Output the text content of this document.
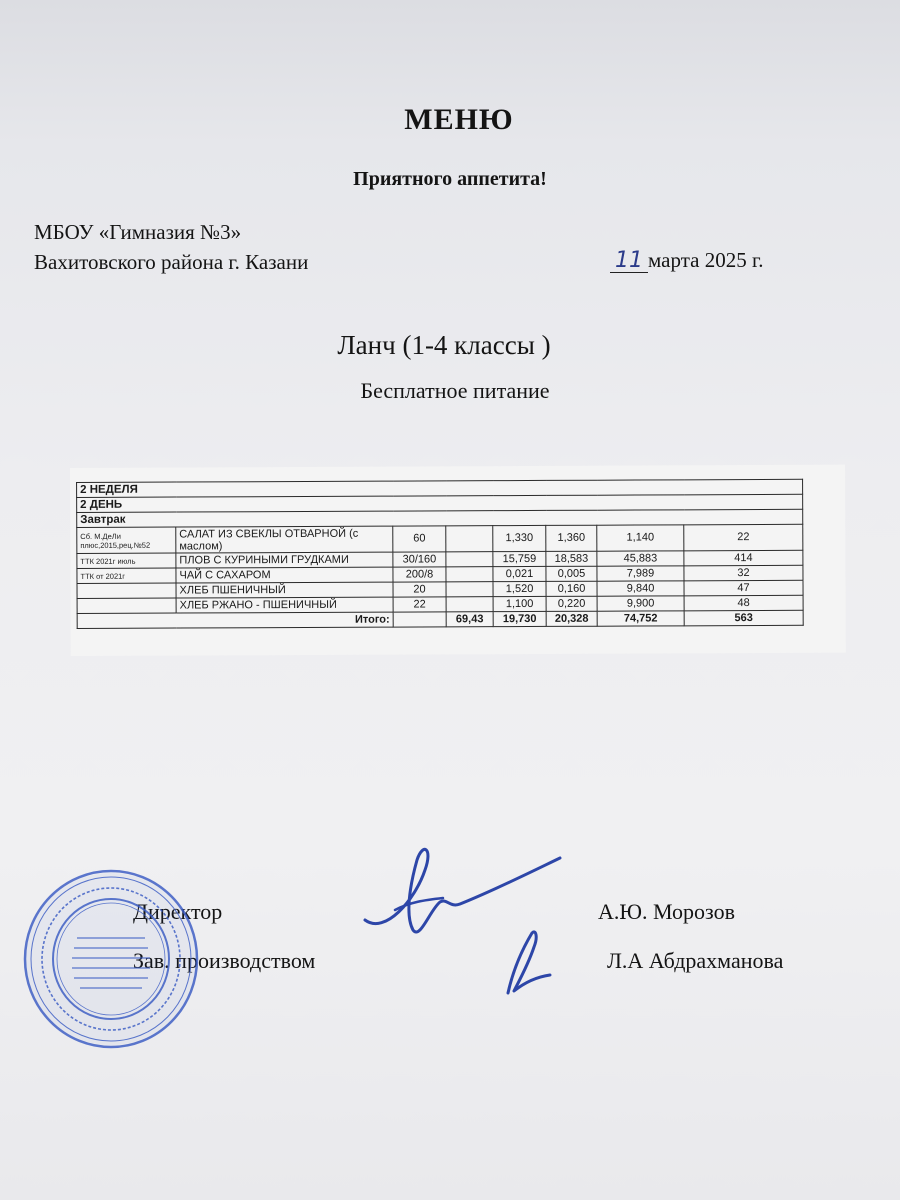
МЕНЮ
Приятного аппетита!
МБОУ «Гимназия №3»
Вахитовского района г. Казани	11 марта 2025 г.
Ланч (1-4 классы )
Бесплатное питание
2 НЕДЕЛЯ							
2 ДЕНЬ							
Завтрак							
Сб. М.ДеЛи плюс,2015,рец.№52	САЛАТ ИЗ СВЕКЛЫ ОТВАРНОЙ (с маслом)	60		1,330	1,360	1,140	22
ТТК 2021г июль	ПЛОВ С КУРИНЫМИ ГРУДКАМИ	30/160		15,759	18,583	45,883	414
ТТК от 2021г	ЧАЙ С САХАРОМ	200/8		0,021	0,005	7,989	32
	ХЛЕБ ПШЕНИЧНЫЙ	20		1,520	0,160	9,840	47
	ХЛЕБ РЖАНО - ПШЕНИЧНЫЙ	22		1,100	0,220	9,900	48
Итого:			69,43	19,730	20,328	74,752	563
Директор	А.Ю. Морозов
Зав. производством	Л.А Абдрахманова
